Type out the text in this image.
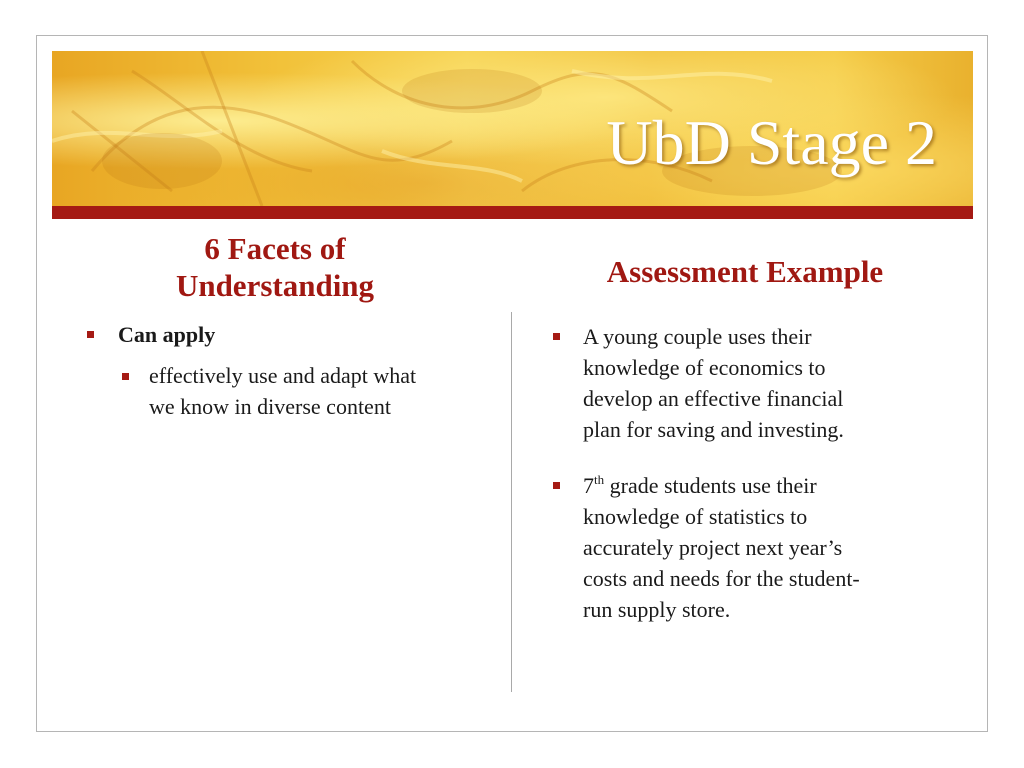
UbD Stage 2
6 Facets of
Understanding	Assessment Example

Can apply

effectively use and adapt what

we know in diverse content

A young couple uses their

knowledge of economics to

develop an effective financial

plan for saving and investing.

7th grade students use their

knowledge of statistics to

accurately project next year’s

costs and needs for the student-

run supply store.
